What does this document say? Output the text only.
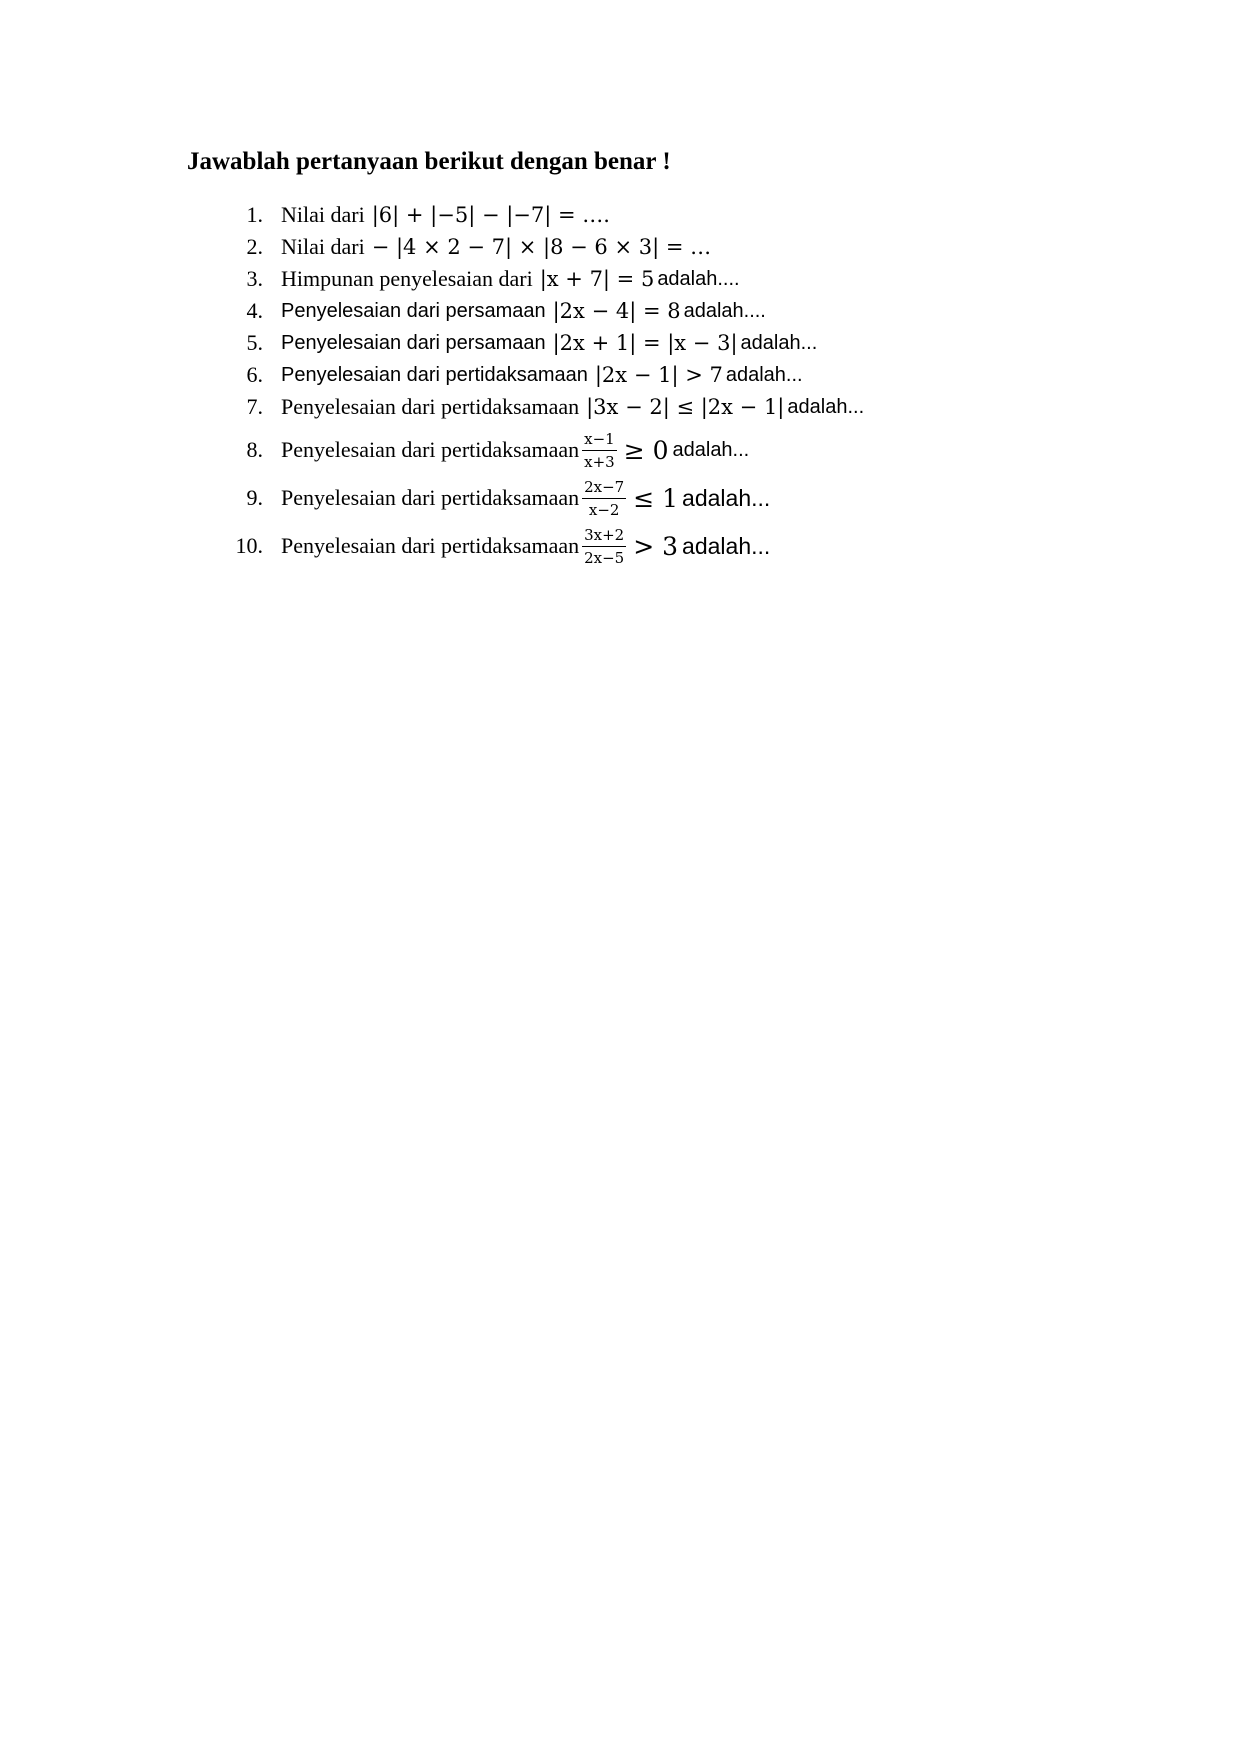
Jawablah pertanyaan berikut dengan benar !
1. Nilai dari |6| + |−5| − |−7| = ….
2. Nilai dari − |4 × 2 − 7| × |8 − 6 × 3| = …
3. Himpunan penyelesaian dari |x + 7| = 5 adalah....
4. Penyelesaian dari persamaan |2x − 4| = 8 adalah....
5. Penyelesaian dari persamaan |2x + 1| = |x − 3| adalah...
6. Penyelesaian dari pertidaksamaan |2x − 1| > 7 adalah...
7. Penyelesaian dari pertidaksamaan |3x − 2| ≤ |2x − 1| adalah...
8. Penyelesaian dari pertidaksamaan $\frac{x-1}{x+3} \ge 0$ adalah...
9. Penyelesaian dari pertidaksamaan $\frac{2x-7}{x-2} \le 1$ adalah...
10. Penyelesaian dari pertidaksamaan $\frac{3x+2}{2x-5} > 3$ adalah...
